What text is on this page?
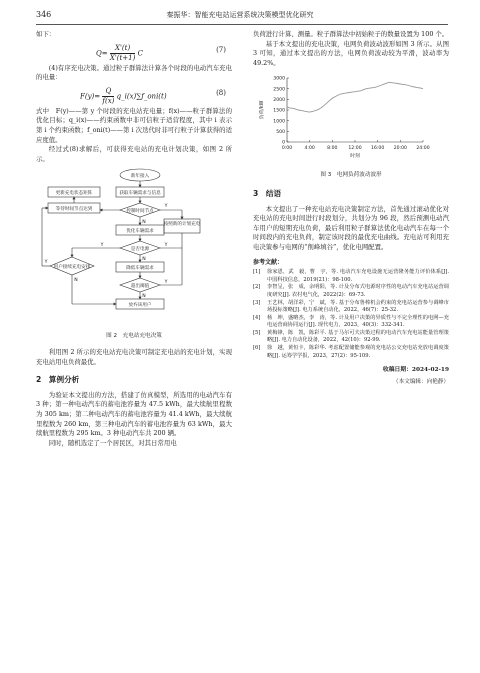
346	秦振华：智能充电站运营系统决策模型优化研究

如下：

$Q= \frac{X'(t)}{X'(t+1)}$ C	(7)

(4)有序充电决策。通过粒子群算法计算各个时段的电动汽车充电的电量：

$F(y)= \frac{Q}{f(x)}$ q_i(x)∑f_oni(t)	(8)

式中　F(y)——第 y 个时段的充电站充电量；f(x)——粒子群算法的优化目标；q_i(x)——约束函数中非可信粒子适营程度，其中 i 表示第 i 个约束函数；f_oni(t)——第 i 次迭代时非可行粒子计算获得的适应度值。

经过式(8)求解后，可获得充电站的充电计划决策，如图 2 所示。

新年接入
获取车辆需求与信息
更新充电状态矩阵
等待时间节点达到	控制时间节点
按照新的计划充电
优化车辆需求
是否电源
用户接续充电安排	降低车辆需求
超出阈值
放弃该用户
Y
N
Y
N
Y
Y
N
N
Y
图 2　充电站充电决策

利用图 2 所示的充电站充电决策可制定充电站的充电计划，实现充电站用电负荷最优。

2　算例分析

为验证本文提出的方法，搭建了仿真模型，所选用的电动汽车有 3 种；第一种电动汽车的蓄电池容量为 47.5 kWh，最大续航里程数为 305 km；第二种电动汽车的蓄电池容量为 41.4 kWh，最大续航里程数为 260 km，第三种电动汽车的蓄电池容量为 63 kWh，最大续航里程数为 295 km。3 种电动汽车共 200 辆。

同时，随机选定了一个居民区，对其日常用电

负荷进行计算、测量。粒子群算法中初始粒子的数量设置为 100 个。

基于本文提出的充电决策，电网负荷波动波形如图 3 所示。从图 3 可知，通过本文提出的方法，电网负荷波动较为平滑，波动率为 49.2%。

0
500
1000
1500
2000
2500
3000
0:00	4:00	8:00 12:00 16:00 20:00 24:00
负荷/kW
时刻
图 3　电网负荷波动波形
3　结语

本文提出了一种充电站充电决策制定方法，首先通过滚动优化对充电站的充电时间进行时段划分，共划分为 96 段，然后预测电动汽车用户的短期充电负荷，最后利用粒子群算法优化电动汽车在每一个时间段内的充电负荷，制定该时段的最优充电曲线。充电站可利用充电决策参与电网的“削峰填谷”，优化电网配置。

参考文献：
[1]	徐家恩，武　毅，曹　宇，等. 电动汽车充电设施无运营隆务能力评价体系[J]. 中国科技信息，2019(21)：98-100.
[2]	李智呈，张　成，余明阳，等. 计及分布式电源时序性的电动汽车充电站运营调度研究[J]. 农村电气化，2022(2)：69-73.
[3]	王艺林，胡洋彩，宁　斌，等. 基于分布鲁棒机会约束的充电站运营参与调峰市场投标策略[J]. 电力系统自动化，2022，46(7)：25-32.
[4]	杨　坤，盛略杰，李　涛，等. 计及用户决策的异质性与不完全理性的电网—充电运营商协同运行[J]. 现代电力，2023，40(3)：332-341.
[5]	黄梅锋，陈　凯，陈彩平. 基于马尔可夫决策过程的电动汽车充电站能量管理策略[J]. 电力自动化设备，2022，42(10)：92-99.
[6]	徐　越，黄恒卡，陈彩华. 考虑配置储能参观的充电站公交充电站充放电调度策略[J]. 运筹学学报，2023，27(2)：95-109.
收稿日期：2024-02-19
（本文编辑：向艳静）
